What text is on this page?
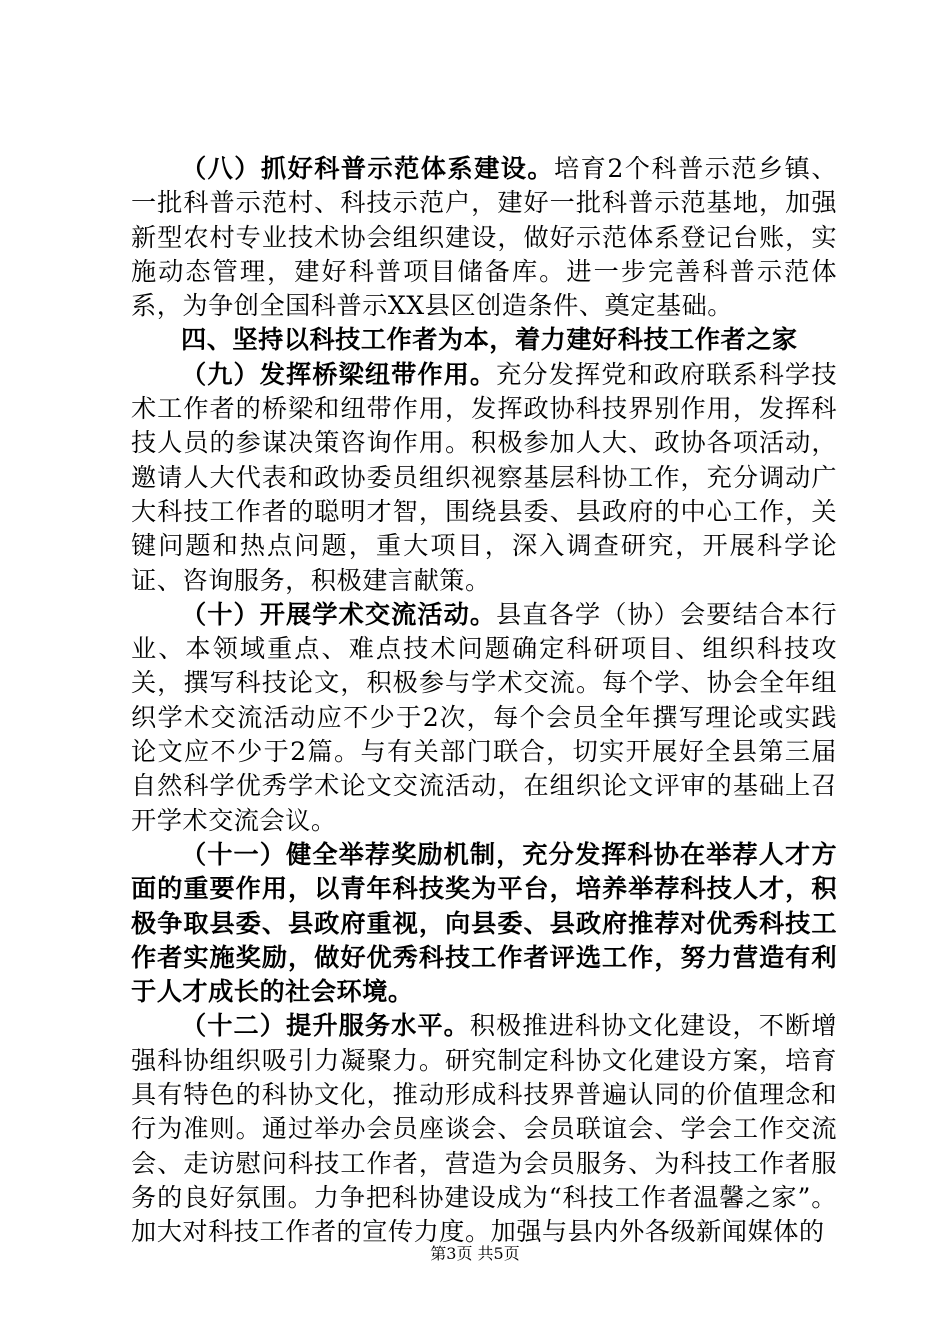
（八）抓好科普示范体系建设。培育2个科普示范乡镇、一批科普示范村、科技示范户，建好一批科普示范基地，加强新型农村专业技术协会组织建设，做好示范体系登记台账，实施动态管理，建好科普项目储备库。进一步完善科普示范体系，为争创全国科普示XX县区创造条件、奠定基础。

四、坚持以科技工作者为本，着力建好科技工作者之家

（九）发挥桥梁纽带作用。充分发挥党和政府联系科学技术工作者的桥梁和纽带作用，发挥政协科技界别作用，发挥科技人员的参谋决策咨询作用。积极参加人大、政协各项活动，邀请人大代表和政协委员组织视察基层科协工作，充分调动广大科技工作者的聪明才智，围绕县委、县政府的中心工作，关键问题和热点问题，重大项目，深入调查研究，开展科学论证、咨询服务，积极建言献策。

（十）开展学术交流活动。县直各学（协）会要结合本行业、本领域重点、难点技术问题确定科研项目、组织科技攻关，撰写科技论文，积极参与学术交流。每个学、协会全年组织学术交流活动应不少于2次，每个会员全年撰写理论或实践论文应不少于2篇。与有关部门联合，切实开展好全县第三届自然科学优秀学术论文交流活动，在组织论文评审的基础上召开学术交流会议。

（十一）健全举荐奖励机制，充分发挥科协在举荐人才方面的重要作用，以青年科技奖为平台，培养举荐科技人才，积极争取县委、县政府重视，向县委、县政府推荐对优秀科技工作者实施奖励，做好优秀科技工作者评选工作，努力营造有利于人才成长的社会环境。

（十二）提升服务水平。积极推进科协文化建设，不断增强科协组织吸引力凝聚力。研究制定科协文化建设方案，培育具有特色的科协文化，推动形成科技界普遍认同的价值理念和行为准则。通过举办会员座谈会、会员联谊会、学会工作交流会、走访慰问科技工作者，营造为会员服务、为科技工作者服务的良好氛围。力争把科协建设成为“科技工作者温馨之家”。加大对科技工作者的宣传力度。加强与县内外各级新闻媒体的

第3页 共5页
